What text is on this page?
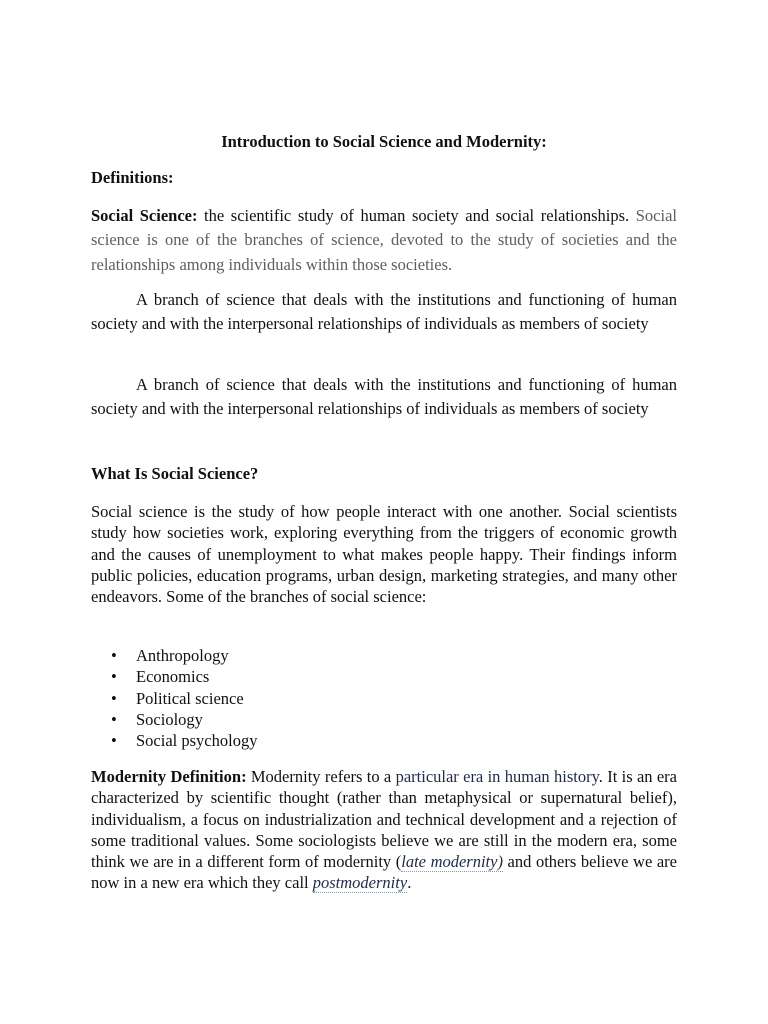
Introduction to Social Science and Modernity:
Definitions:

Social Science: the scientific study of human society and social relationships. Social science is one of the branches of science, devoted to the study of societies and the relationships among individuals within those societies.

A branch of science that deals with the institutions and functioning of human society and with the interpersonal relationships of individuals as members of society

A branch of science that deals with the institutions and functioning of human society and with the interpersonal relationships of individuals as members of society

What Is Social Science?

Social science is the study of how people interact with one another. Social scientists study how societies work, exploring everything from the triggers of economic growth and the causes of unemployment to what makes people happy. Their findings inform public policies, education programs, urban design, marketing strategies, and many other endeavors. Some of the branches of social science:

• Anthropology
• Economics
• Political science
• Sociology
• Social psychology

Modernity Definition: Modernity refers to a particular era in human history. It is an era characterized by scientific thought (rather than metaphysical or supernatural belief), individualism, a focus on industrialization and technical development and a rejection of some traditional values. Some sociologists believe we are still in the modern era, some think we are in a different form of modernity (late modernity) and others believe we are now in a new era which they call postmodernity.
